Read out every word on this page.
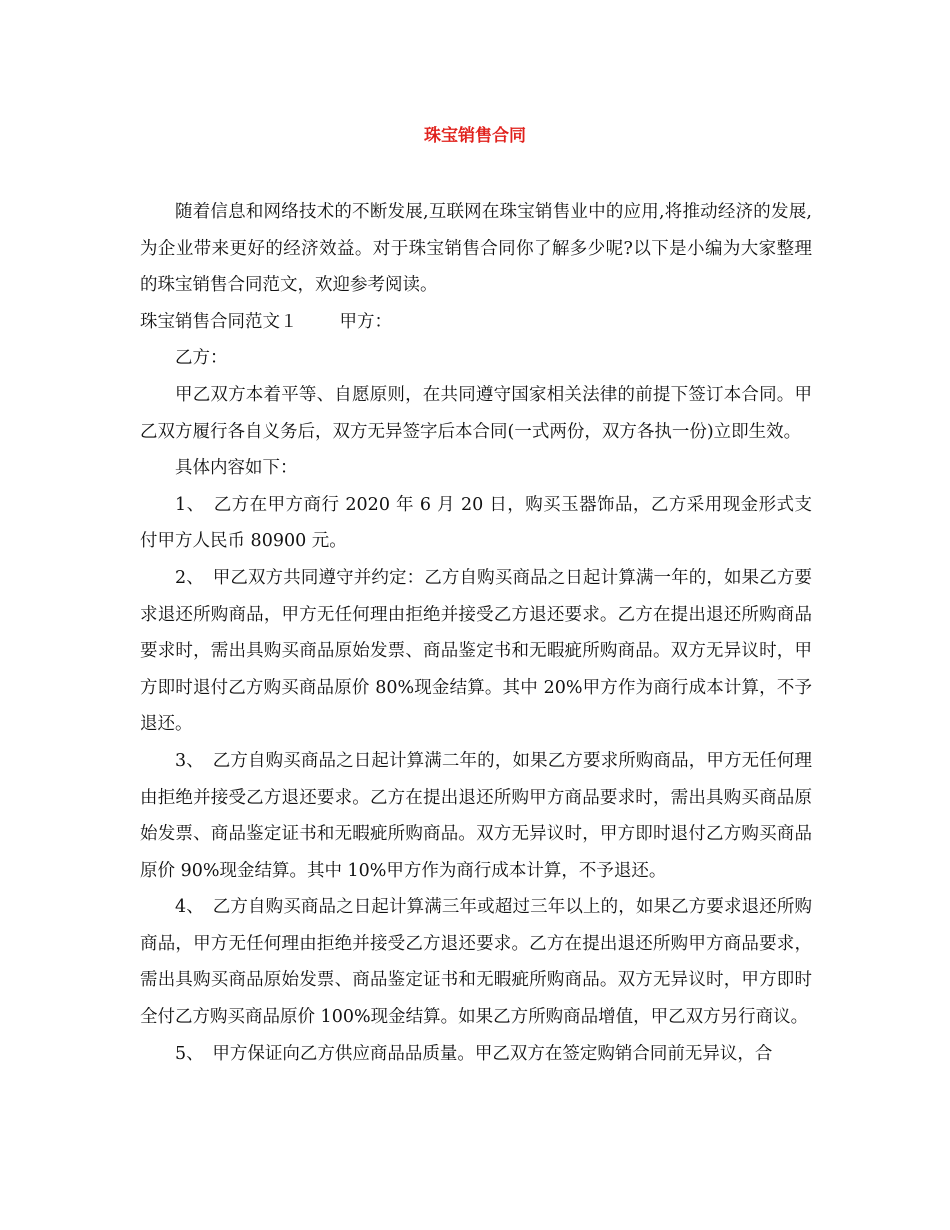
珠宝销售合同

随着信息和网络技术的不断发展,互联网在珠宝销售业中的应用,将推动经济的发展,为企业带来更好的经济效益。对于珠宝销售合同你了解多少呢?以下是小编为大家整理的珠宝销售合同范文，欢迎参考阅读。

珠宝销售合同范文１ 甲方：

乙方：

甲乙双方本着平等、自愿原则，在共同遵守国家相关法律的前提下签订本合同。甲乙双方履行各自义务后，双方无异签字后本合同(一式两份，双方各执一份)立即生效。

具体内容如下：

1、　乙方在甲方商行 2020 年 6 月 20 日，购买玉器饰品，乙方采用现金形式支付甲方人民币 80900 元。

2、　甲乙双方共同遵守并约定：乙方自购买商品之日起计算满一年的，如果乙方要求退还所购商品，甲方无任何理由拒绝并接受乙方退还要求。乙方在提出退还所购商品要求时，需出具购买商品原始发票、商品鉴定书和无暇疵所购商品。双方无异议时，甲方即时退付乙方购买商品原价 80%现金结算。其中 20%甲方作为商行成本计算，不予退还。

3、　乙方自购买商品之日起计算满二年的，如果乙方要求所购商品，甲方无任何理由拒绝并接受乙方退还要求。乙方在提出退还所购甲方商品要求时，需出具购买商品原始发票、商品鉴定证书和无暇疵所购商品。双方无异议时，甲方即时退付乙方购买商品原价 90%现金结算。其中 10%甲方作为商行成本计算，不予退还。

4、　乙方自购买商品之日起计算满三年或超过三年以上的，如果乙方要求退还所购商品，甲方无任何理由拒绝并接受乙方退还要求。乙方在提出退还所购甲方商品要求，需出具购买商品原始发票、商品鉴定证书和无暇疵所购商品。双方无异议时，甲方即时全付乙方购买商品原价 100%现金结算。如果乙方所购商品增值，甲乙双方另行商议。

5、　甲方保证向乙方供应商品品质量。甲乙双方在签定购销合同前无异议，合
